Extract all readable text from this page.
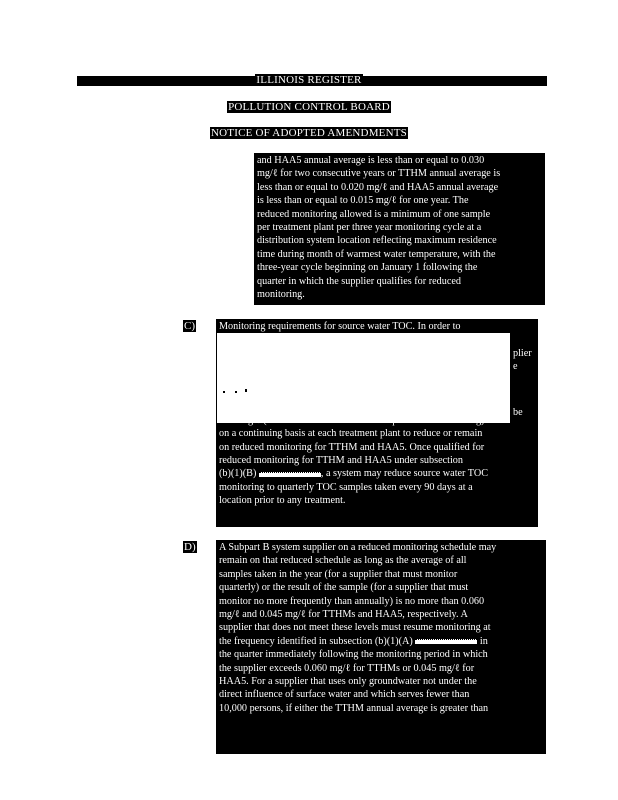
ILLINOIS REGISTER
POLLUTION CONTROL BOARD
NOTICE OF ADOPTED AMENDMENTS

and HAA5 annual average is less than or equal to 0.030

mg/ℓ for two consecutive years or TTHM annual average is

less than or equal to 0.020 mg/ℓ and HAA5 annual average

is less than or equal to 0.015 mg/ℓ for one year. The

reduced monitoring allowed is a minimum of one sample

per treatment plant per three year monitoring cycle at a

distribution system location reflecting maximum residence

time during month of warmest water temperature, with the

three-year cycle beginning on January 1 following the

quarter in which the supplier qualifies for reduced

monitoring.

C) Monitoring requirements for source water TOC. In order to

on a continuing basis at each treatment plant to reduce or remain

on reduced monitoring for TTHM and HAA5. Once qualified for

reduced monitoring for TTHM and HAA5 under subsection

(b)(1)(B)	, a system may reduce source water TOC

monitoring to quarterly TOC samples taken every 90 days at a

location prior to any treatment.

plier
e
be
D) A Subpart B system supplier on a reduced monitoring schedule may

remain on that reduced schedule as long as the average of all

samples taken in the year (for a supplier that must monitor

quarterly) or the result of the sample (for a supplier that must

monitor no more frequently than annually) is no more than 0.060

mg/ℓ and 0.045 mg/ℓ for TTHMs and HAA5, respectively. A

supplier that does not meet these levels must resume monitoring at

the frequency identified in subsection (b)(1)(A)	in

the quarter immediately following the monitoring period in which

the supplier exceeds 0.060 mg/ℓ for TTHMs or 0.045 mg/ℓ for

HAA5. For a supplier that uses only groundwater not under the

direct influence of surface water and which serves fewer than

10,000 persons, if either the TTHM annual average is greater than
